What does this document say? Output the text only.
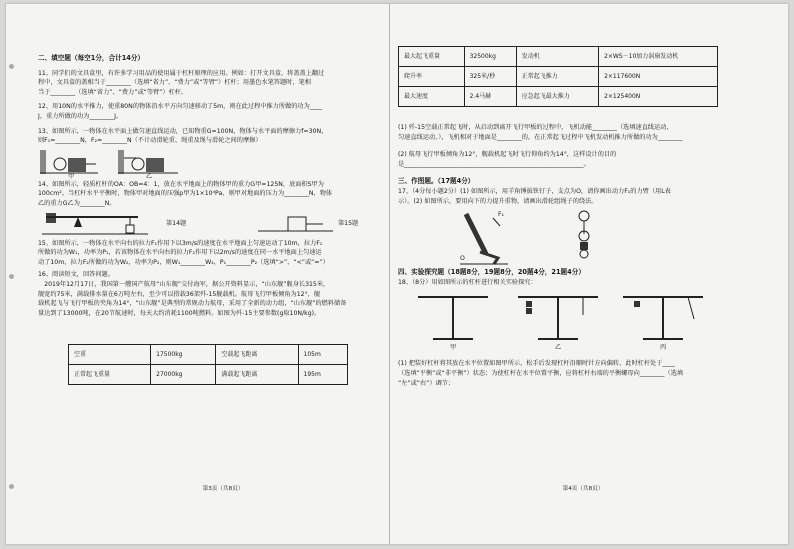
二、填空题（每空1分，合计14分）

11、同学们的文具盒里，有许多学习用品的使用属于杠杆原理的应用。例如：打开文具盒，将盖盖上翻过

程中，文具盒的盖相当于________（选填“省力”、“费力”或“等臂”）杠杆；用墨色水笔答题时，笔相

当于________（选填“省力”、“费力”或“等臂”）杠杆。

12、用10N的水平推力，使重80N的物体沿水平方向匀速移动了5m，则在此过程中推力所做的功为____

J，重力所做的功为________J。

13、如图所示，一物体在水平面上做匀速直线运动，已知物重G=100N，物体与水平面的摩擦力f=30N，

则F₁=________N，F₂=________N（不计动滑轮重、绳重及绳与滑轮之间的摩擦）

甲	乙

14、如图所示，轻质杠杆的OA：OB=4：1，放在水平地面上的物体甲的重力G甲=125N，底面积S甲为

100cm²。当杠杆水平平衡时，物体甲对地面的压强p甲为1×10⁴Pa，则甲对地面的压力为________N，物体

乙的重力G乙为________N。

第14题	第15题

15、如图所示，一物体在水平向右的拉力F₁作用下以3m/s的速度在水平地面上匀速运动了10m，拉力F₁

所做的功为W₁，功率为P₁，若该物体在水平向右的拉力F₂作用下以2m/s的速度在同一水平地面上匀速运

动了10m，拉力F₂所做的功为W₂，功率为P₂，则W₁________W₂，P₁________P₂（选填“>”、“<”或“=”）

16、阅读短文，回答问题。

　2019年12月17日，我国第一艘国产航母“山东舰”交付海军，据公开资料显示，“山东舰”舰身长315米，

舰宽约75米，满载排水量在6万吨左右，至少可以搭载36架歼-15舰载机。航母飞行甲板倾角为12°，舰

载机起飞与飞行甲板的夹角为14°，“山东舰”是典型的常规动力航母，采用了全新的动力组，“山东舰”的燃料储备

量达到了13000吨，在20节航速时，每天大约消耗1100吨燃料。如图为歼-15主要参数(g取10N/kg)。

空重	17500kg	空载起飞距离	105m
正常起飞重量	27000kg	满载起飞距离	195m
第3页（共8页）
最大起飞重量	32500kg	发动机	2×WS－10加力涡扇发动机
爬升率	325米/秒	正常起飞推力	2×117600N
最大速度	2.4马赫	应急起飞最大推力	2×125400N

(1) 歼-15空载正常起飞时，从启动到离开飞行甲板的过程中，飞机动能________（选填速直线运动、

匀速直线运动、），飞机相对于地面是________的，在正常起飞过程中飞机发动机推力所做的功为________

(2) 航母飞行甲板倾角为12°，舰载机起飞时飞行仰角约为14°，这样设计的目的

是__________________________________________________________。

三、作图题。（17题4分）

17、（4分每小题2分）(1) 如图所示，用羊角锤拔铁钉子，支点为O，请你画出动力F₁的力臂（用L表

示）。(2) 如图所示，要用向下的力提升重物，请画出滑轮组绳子的绕法。

F₁
O

四、实验探究题（18题8分，19题8分，20题4分，21题4分）

18、（8分）用如图所示的杠杆进行相关实验探究：

甲	乙	丙

(1) 把装好杠杆将其放在水平位置如图甲所示，松手后发现杠杆沿顺时针方向偏转，此时杠杆处于____

（选填“平衡”或“非平衡”）状态；为使杠杆在水平位置平衡，应将杠杆右端的平衡螺母向________（选填

“左”或“右”）调节；

第4页（共8页）
